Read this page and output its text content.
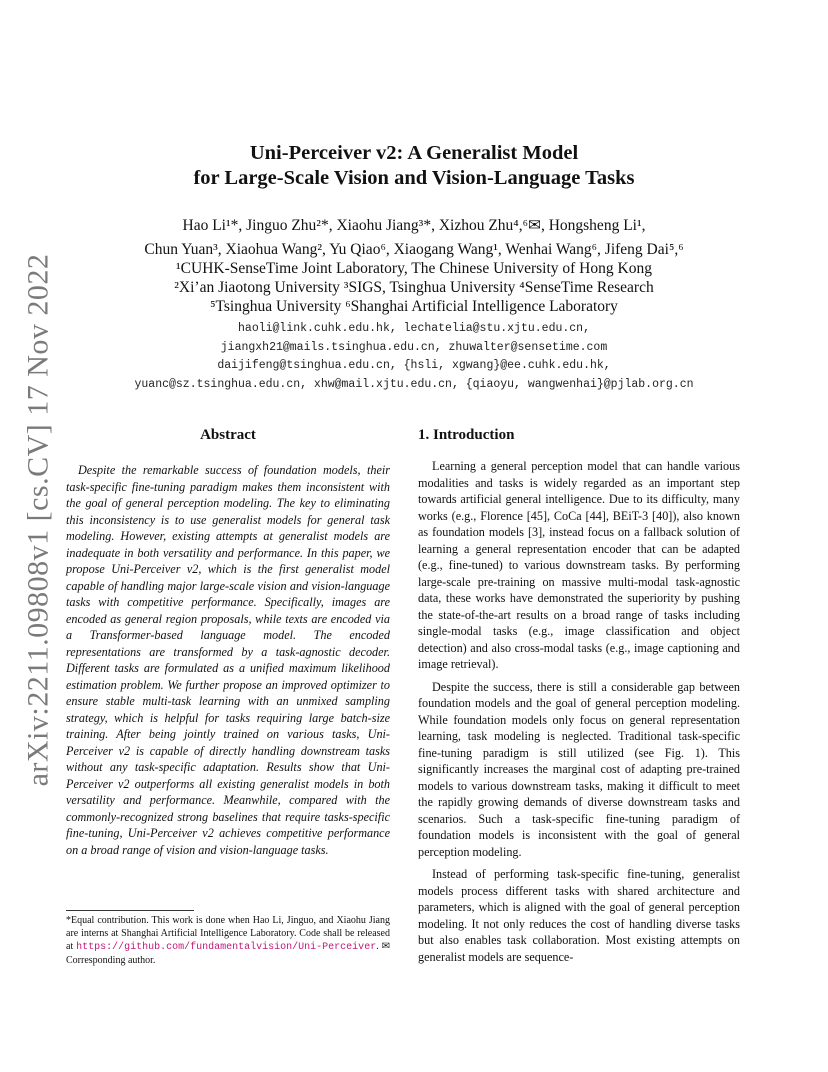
arXiv:2211.09808v1 [cs.CV] 17 Nov 2022
Uni-Perceiver v2: A Generalist Model
for Large-Scale Vision and Vision-Language Tasks
Hao Li¹*, Jinguo Zhu²*, Xiaohu Jiang³*, Xizhou Zhu⁴,⁶✉, Hongsheng Li¹,
Chun Yuan³, Xiaohua Wang², Yu Qiao⁶, Xiaogang Wang¹, Wenhai Wang⁶, Jifeng Dai⁵,⁶
¹CUHK-SenseTime Joint Laboratory, The Chinese University of Hong Kong
²Xi’an Jiaotong University ³SIGS, Tsinghua University ⁴SenseTime Research
⁵Tsinghua University ⁶Shanghai Artificial Intelligence Laboratory
haoli@link.cuhk.edu.hk, lechatelia@stu.xjtu.edu.cn,
jiangxh21@mails.tsinghua.edu.cn, zhuwalter@sensetime.com
daijifeng@tsinghua.edu.cn, {hsli, xgwang}@ee.cuhk.edu.hk,
yuanc@sz.tsinghua.edu.cn, xhw@mail.xjtu.edu.cn, {qiaoyu, wangwenhai}@pjlab.org.cn
Abstract
Despite the remarkable success of foundation models, their task-specific fine-tuning paradigm makes them inconsistent with the goal of general perception modeling. The key to eliminating this inconsistency is to use generalist models for general task modeling. However, existing attempts at generalist models are inadequate in both versatility and performance. In this paper, we propose Uni-Perceiver v2, which is the first generalist model capable of handling major large-scale vision and vision-language tasks with competitive performance. Specifically, images are encoded as general region proposals, while texts are encoded via a Transformer-based language model. The encoded representations are transformed by a task-agnostic decoder. Different tasks are formulated as a unified maximum likelihood estimation problem. We further propose an improved optimizer to ensure stable multi-task learning with an unmixed sampling strategy, which is helpful for tasks requiring large batch-size training. After being jointly trained on various tasks, Uni-Perceiver v2 is capable of directly handling downstream tasks without any task-specific adaptation. Results show that Uni-Perceiver v2 outperforms all existing generalist models in both versatility and performance. Meanwhile, compared with the commonly-recognized strong baselines that require tasks-specific fine-tuning, Uni-Perceiver v2 achieves competitive performance on a broad range of vision and vision-language tasks.
*Equal contribution. This work is done when Hao Li, Jinguo, and Xiaohu Jiang are interns at Shanghai Artificial Intelligence Laboratory. Code shall be released at https://github.com/fundamentalvision/Uni-Perceiver. ✉Corresponding author.
1. Introduction

Learning a general perception model that can handle various modalities and tasks is widely regarded as an important step towards artificial general intelligence. Due to its difficulty, many works (e.g., Florence [45], CoCa [44], BEiT-3 [40]), also known as foundation models [3], instead focus on a fallback solution of learning a general representation encoder that can be adapted (e.g., fine-tuned) to various downstream tasks. By performing large-scale pre-training on massive multi-modal task-agnostic data, these works have demonstrated the superiority by pushing the state-of-the-art results on a broad range of tasks including single-modal tasks (e.g., image classification and object detection) and also cross-modal tasks (e.g., image captioning and image retrieval).

Despite the success, there is still a considerable gap between foundation models and the goal of general perception modeling. While foundation models only focus on general representation learning, task modeling is neglected. Traditional task-specific fine-tuning paradigm is still utilized (see Fig. 1). This significantly increases the marginal cost of adapting pre-trained models to various downstream tasks, making it difficult to meet the rapidly growing demands of diverse downstream tasks and scenarios. Such a task-specific fine-tuning paradigm of foundation models is inconsistent with the goal of general perception modeling.

Instead of performing task-specific fine-tuning, generalist models process different tasks with shared architecture and parameters, which is aligned with the goal of general perception modeling. It not only reduces the cost of handling diverse tasks but also enables task collaboration. Most existing attempts on generalist models are sequence-
